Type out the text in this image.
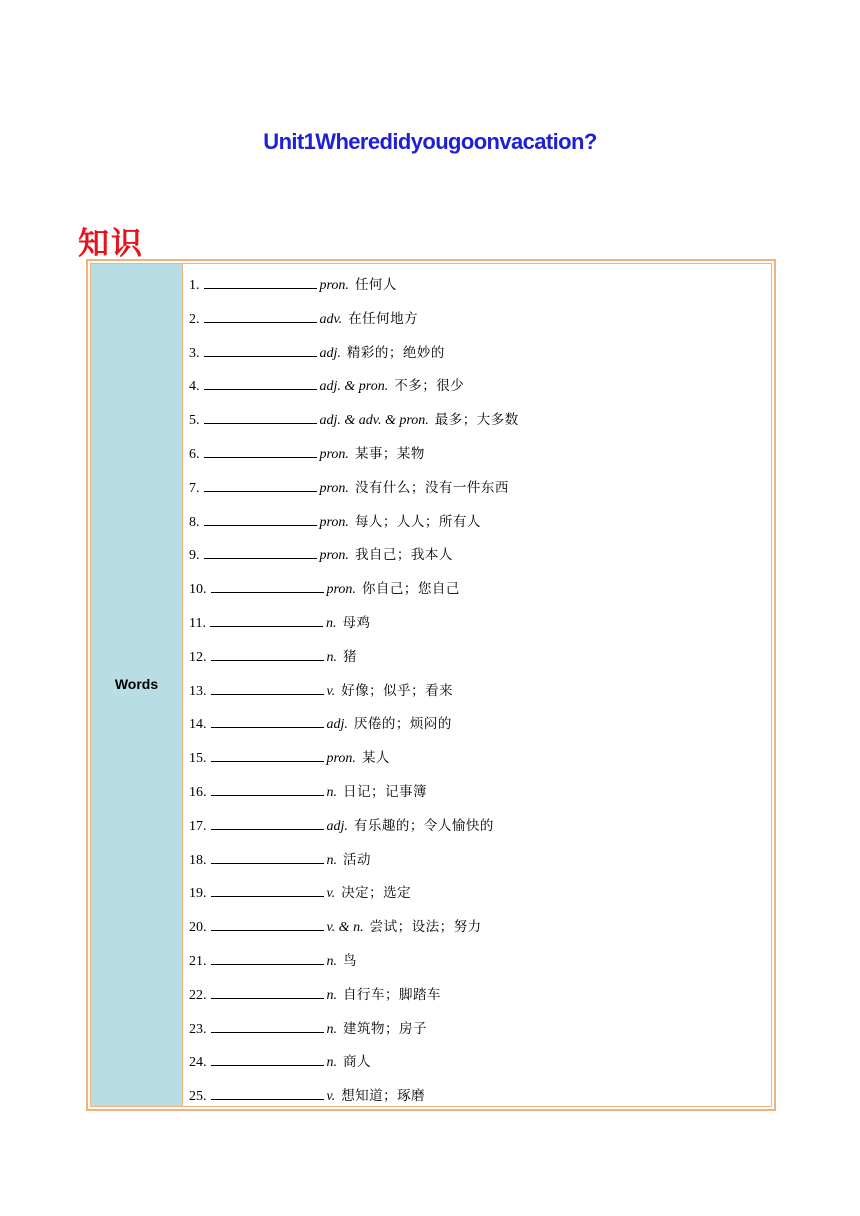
Unit1Wheredidyougoonvacation?
知识
Words
1.	pron. 任何人
2.	adv. 在任何地方
3.	adj. 精彩的；绝妙的
4.	adj. & pron. 不多；很少
5.	adj. & adv. & pron. 最多；大多数
6.	pron. 某事；某物
7.	pron. 没有什么；没有一件东西
8.	pron. 每人；人人；所有人
9.	pron. 我自己；我本人
10.	pron. 你自己；您自己
11.	n. 母鸡
12.	n. 猪
13.	v. 好像；似乎；看来
14.	adj. 厌倦的；烦闷的
15.	pron. 某人
16.	n. 日记；记事簿
17.	adj. 有乐趣的；令人愉快的
18.	n. 活动
19.	v. 决定；选定
20.	v. & n. 尝试；设法；努力
21.	n. 鸟
22.	n. 自行车；脚踏车
23.	n. 建筑物；房子
24.	n. 商人
25.	v. 想知道；琢磨
